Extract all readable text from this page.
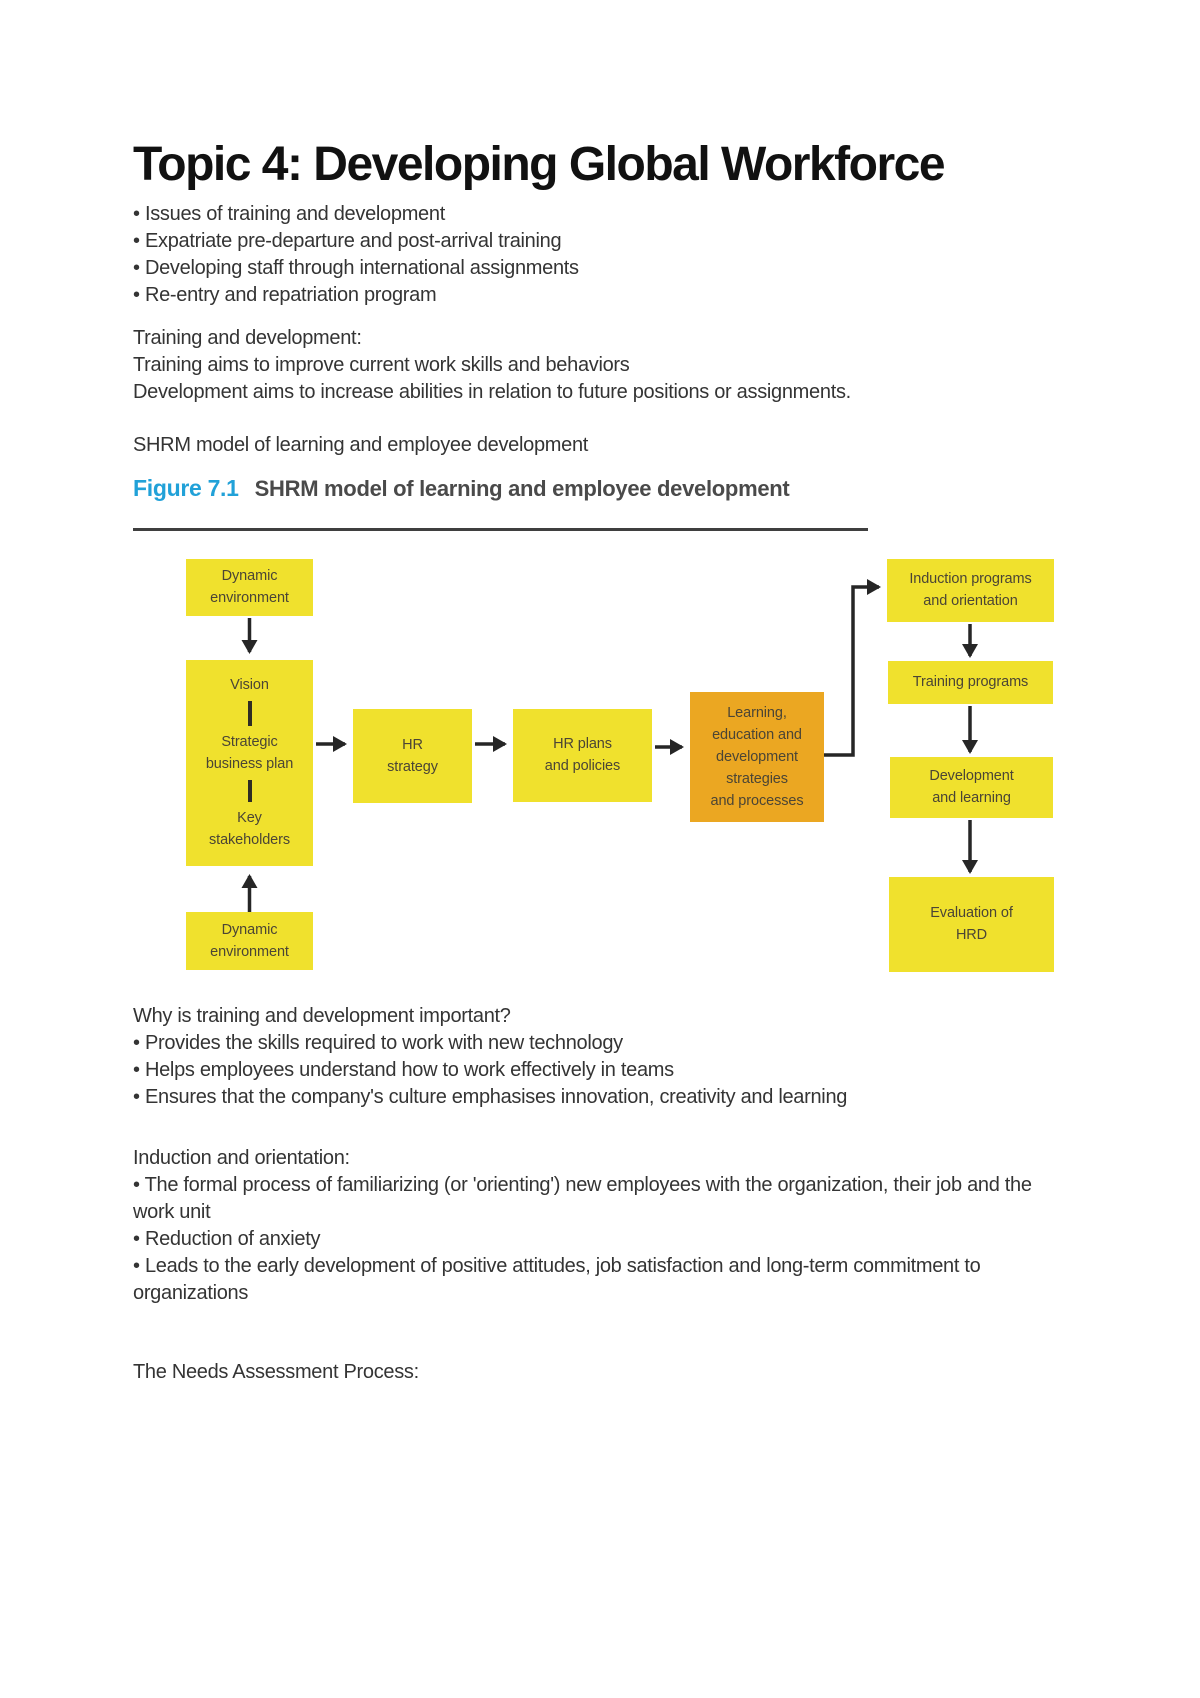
Topic 4: Developing Global Workforce

• Issues of training and development

• Expatriate pre-departure and post-arrival training

• Developing staff through international assignments

• Re-entry and repatriation program

Training and development:

Training aims to improve current work skills and behaviors

Development aims to increase abilities in relation to future positions or assignments.

SHRM model of learning and employee development

Figure 7.1 SHRM model of learning and employee development
Dynamic
environment
Vision
Strategic
business plan
Key
stakeholders
HR
strategy
HR plans
and policies
Learning,
education and
development
strategies
and processes
Induction programs
and orientation
Training programs
Development
and learning
Evaluation of
HRD
Dynamic
environment

Why is training and development important?

• Provides the skills required to work with new technology

• Helps employees understand how to work effectively in teams

• Ensures that the company's culture emphasises innovation, creativity and learning

Induction and orientation:

• The formal process of familiarizing (or 'orienting') new employees with the organization, their job and the work unit

• Reduction of anxiety

• Leads to the early development of positive attitudes, job satisfaction and long-term commitment to organizations

The Needs Assessment Process:
